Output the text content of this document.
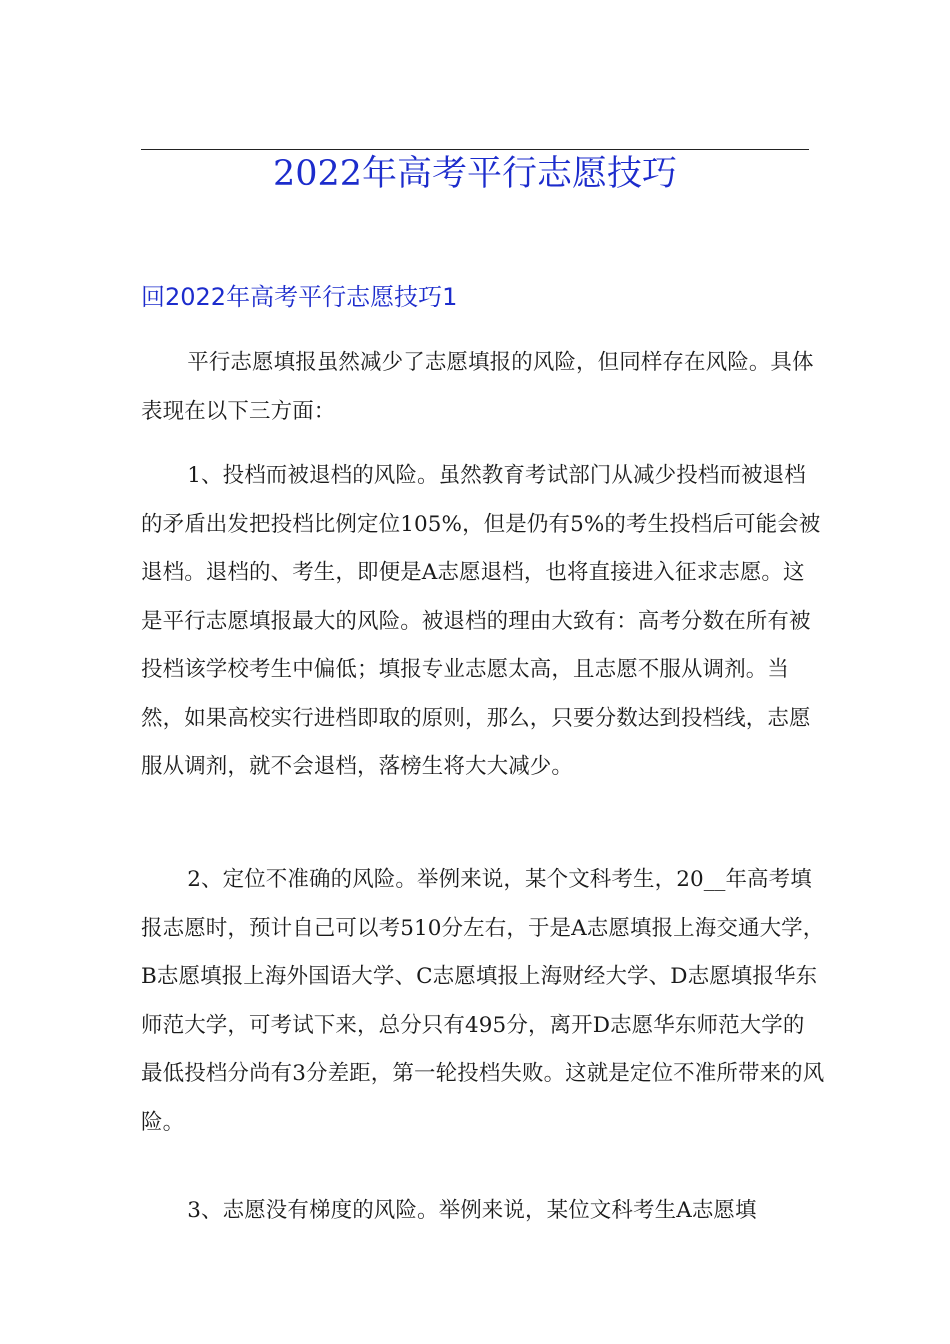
2022年高考平行志愿技巧
回2022年高考平行志愿技巧1

平行志愿填报虽然减少了志愿填报的风险，但同样存在风险。具体表现在以下三方面：

1、投档而被退档的风险。虽然教育考试部门从减少投档而被退档的矛盾出发把投档比例定位105%，但是仍有5%的考生投档后可能会被退档。退档的、考生，即便是A志愿退档，也将直接进入征求志愿。这是平行志愿填报最大的风险。被退档的理由大致有：高考分数在所有被投档该学校考生中偏低；填报专业志愿太高，且志愿不服从调剂。当然，如果高校实行进档即取的原则，那么，只要分数达到投档线，志愿服从调剂，就不会退档，落榜生将大大减少。

2、定位不准确的风险。举例来说，某个文科考生，20__年高考填报志愿时，预计自己可以考510分左右，于是A志愿填报上海交通大学，B志愿填报上海外国语大学、C志愿填报上海财经大学、D志愿填报华东师范大学，可考试下来，总分只有495分，离开D志愿华东师范大学的最低投档分尚有3分差距，第一轮投档失败。这就是定位不准所带来的风险。

3、志愿没有梯度的风险。举例来说，某位文科考生A志愿填
